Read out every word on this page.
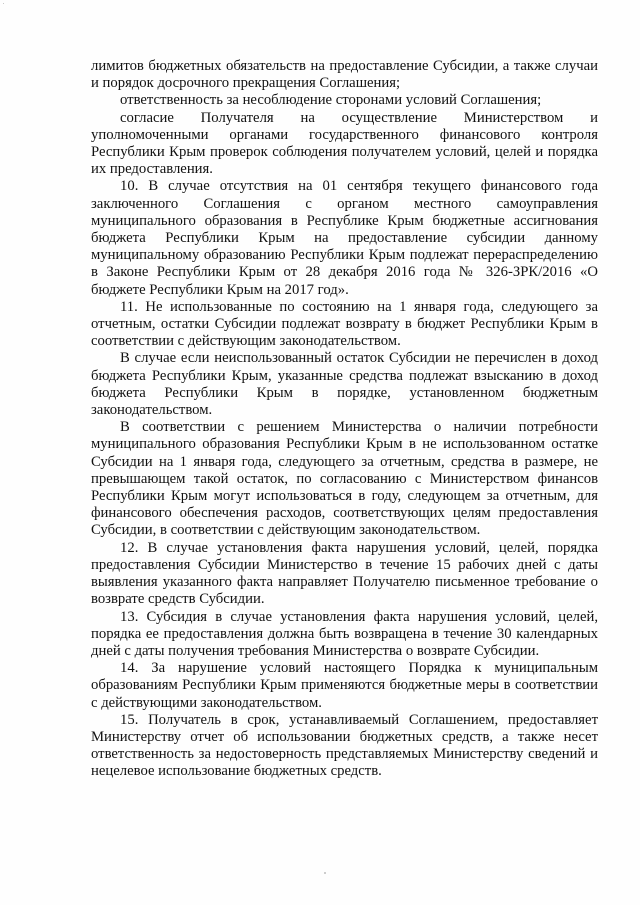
лимитов бюджетных обязательств на предоставление Субсидии, а также случаи и порядок досрочного прекращения Соглашения;

ответственность за несоблюдение сторонами условий Соглашения;

согласие Получателя на осуществление Министерством и уполномоченными органами государственного финансового контроля Республики Крым проверок соблюдения получателем условий, целей и порядка их предоставления.

10. В случае отсутствия на 01 сентября текущего финансового года заключенного Соглашения с органом местного самоуправления муниципального образования в Республике Крым бюджетные ассигнования бюджета Республики Крым на предоставление субсидии данному муниципальному образованию Республики Крым подлежат перераспределению в Законе Республики Крым от 28 декабря 2016 года № 326-ЗРК/2016 «О бюджете Республики Крым на 2017 год».

11. Не использованные по состоянию на 1 января года, следующего за отчетным, остатки Субсидии подлежат возврату в бюджет Республики Крым в соответствии с действующим законодательством.

В случае если неиспользованный остаток Субсидии не перечислен в доход бюджета Республики Крым, указанные средства подлежат взысканию в доход бюджета Республики Крым в порядке, установленном бюджетным законодательством.

В соответствии с решением Министерства о наличии потребности муниципального образования Республики Крым в не использованном остатке Субсидии на 1 января года, следующего за отчетным, средства в размере, не превышающем такой остаток, по согласованию с Министерством финансов Республики Крым могут использоваться в году, следующем за отчетным, для финансового обеспечения расходов, соответствующих целям предоставления Субсидии, в соответствии с действующим законодательством.

12. В случае установления факта нарушения условий, целей, порядка предоставления Субсидии Министерство в течение 15 рабочих дней с даты выявления указанного факта направляет Получателю письменное требование о возврате средств Субсидии.

13. Субсидия в случае установления факта нарушения условий, целей, порядка ее предоставления должна быть возвращена в течение 30 календарных дней с даты получения требования Министерства о возврате Субсидии.

14. За нарушение условий настоящего Порядка к муниципальным образованиям Республики Крым применяются бюджетные меры в соответствии с действующими законодательством.

15. Получатель в срок, устанавливаемый Соглашением, предоставляет Министерству отчет об использовании бюджетных средств, а также несет ответственность за недостоверность представляемых Министерству сведений и нецелевое использование бюджетных средств.
